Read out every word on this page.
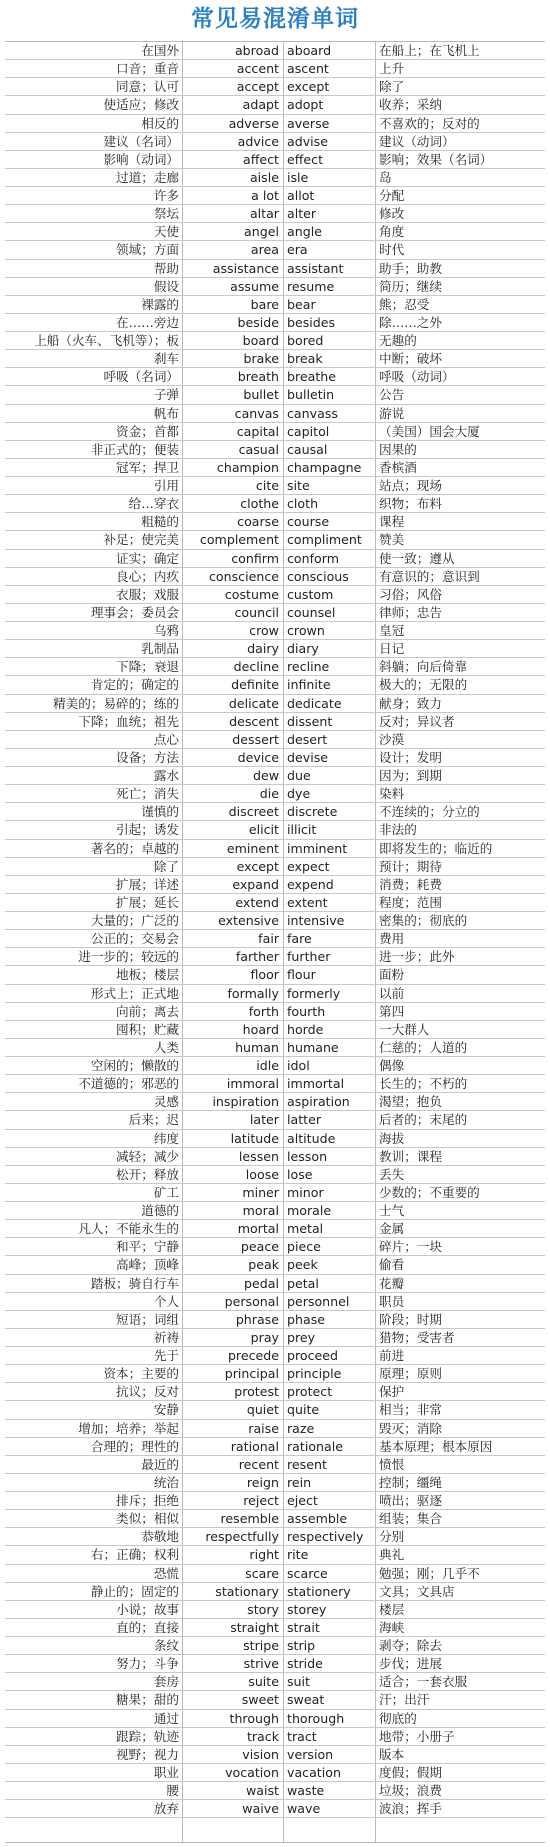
常见易混淆单词
在国外	abroad aboard	在船上；在飞机上
口音；重音	accent ascent	上升
同意；认可	accept except	除了
使适应；修改	adapt adopt	收养；采纳
相反的	adverse averse	不喜欢的；反对的
建议（名词）	advice advise	建议（动词）
影响（动词）	affect effect	影响；效果（名词）
过道；走廊	aisle isle	岛
许多	a lot allot	分配
祭坛	altar alter	修改
天使	angel angle	角度
领域；方面	area era	时代
帮助	assistance assistant	助手；助教
假设	assume resume	简历；继续
裸露的	bare bear	熊；忍受
在……旁边	beside besides	除……之外
上船（火车、飞机等）；板	board bored	无趣的
刹车	brake break	中断；破坏
呼吸（名词）	breath breathe	呼吸（动词）
子弹	bullet bulletin	公告
帆布	canvas canvass	游说
资金；首都	capital capitol	（美国）国会大厦
非正式的；便装	casual causal	因果的
冠军；捍卫	champion champagne	香槟酒
引用	cite site	站点；现场
给…穿衣	clothe cloth	织物；布料
粗糙的	coarse course	课程
补足；使完美	complement compliment	赞美
证实；确定	confirm conform	使一致；遵从
良心；内疚	conscience conscious	有意识的；意识到
衣服；戏服	costume custom	习俗；风俗
理事会；委员会	council counsel	律师；忠告
乌鸦	crow crown	皇冠
乳制品	dairy diary	日记
下降；衰退	decline recline	斜躺；向后倚靠
肯定的；确定的	definite infinite	极大的；无限的
精美的；易碎的；练的	delicate dedicate	献身；致力
下降；血统；祖先	descent dissent	反对；异议者
点心	dessert desert	沙漠
设备；方法	device devise	设计；发明
露水	dew due	因为；到期
死亡；消失	die dye	染料
谨慎的	discreet discrete	不连续的；分立的
引起；诱发	elicit illicit	非法的
著名的；卓越的	eminent imminent	即将发生的；临近的
除了	except expect	预计；期待
扩展；详述	expand expend	消费；耗费
扩展；延长	extend extent	程度；范围
大量的；广泛的	extensive intensive	密集的；彻底的
公正的；交易会	fair fare	费用
进一步的；较远的	farther further	进一步；此外
地板；楼层	floor flour	面粉
形式上；正式地	formally formerly	以前
向前；离去	forth fourth	第四
囤积；贮藏	hoard horde	一大群人
人类	human humane	仁慈的；人道的
空闲的；懒散的	idle idol	偶像
不道德的；邪恶的	immoral immortal	长生的；不朽的
灵感	inspiration aspiration	渴望；抱负
后来；迟	later latter	后者的；末尾的
纬度	latitude altitude	海拔
减轻；减少	lessen lesson	教训；课程
松开；释放	loose lose	丢失
矿工	miner minor	少数的；不重要的
道德的	moral morale	士气
凡人；不能永生的	mortal metal	金属
和平；宁静	peace piece	碎片；一块
高峰；顶峰	peak peek	偷看
踏板；骑自行车	pedal petal	花瓣
个人	personal personnel	职员
短语；词组	phrase phase	阶段；时期
祈祷	pray prey	猎物；受害者
先于	precede proceed	前进
资本；主要的	principal principle	原理；原则
抗议；反对	protest protect	保护
安静	quiet quite	相当；非常
增加；培养；举起	raise raze	毁灭；消除
合理的；理性的	rational rationale	基本原理；根本原因
最近的	recent resent	愤恨
统治	reign rein	控制；缰绳
排斥；拒绝	reject eject	喷出；驱逐
类似；相似	resemble assemble	组装；集合
恭敬地	respectfully respectively	分别
右；正确；权利	right rite	典礼
恐慌	scare scarce	勉强；刚；几乎不
静止的；固定的	stationary stationery	文具；文具店
小说；故事	story storey	楼层
直的；直接	straight strait	海峡
条纹	stripe strip	剥夺；除去
努力；斗争	strive stride	步伐；进展
套房	suite suit	适合；一套衣服
糖果；甜的	sweet sweat	汗；出汗
通过	through thorough	彻底的
跟踪；轨迹	track tract	地带；小册子
视野；视力	vision version	版本
职业	vocation vacation	度假；假期
腰	waist waste	垃圾；浪费
放弃	waive wave	波浪；挥手
